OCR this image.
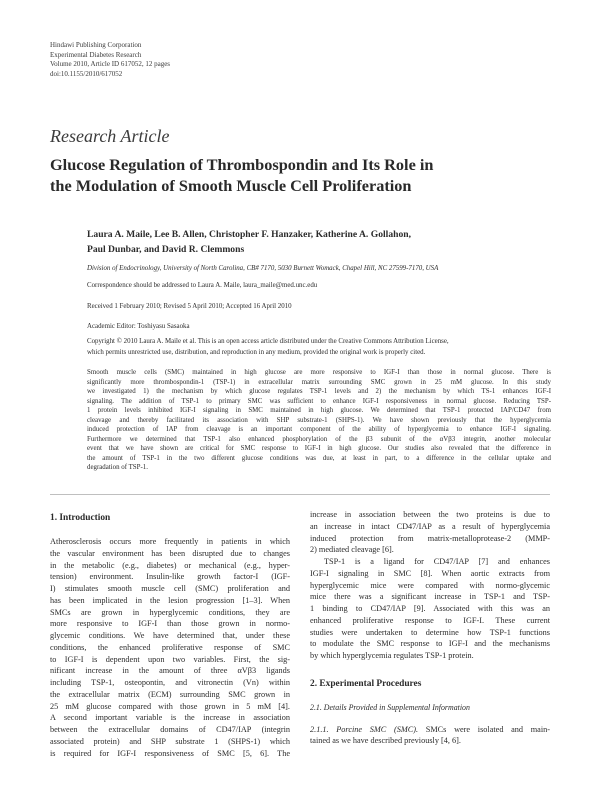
Hindawi Publishing Corporation
Experimental Diabetes Research
Volume 2010, Article ID 617052, 12 pages
doi:10.1155/2010/617052
Research Article
Glucose Regulation of Thrombospondin and Its Role in
the Modulation of Smooth Muscle Cell Proliferation
Laura A. Maile, Lee B. Allen, Christopher F. Hanzaker, Katherine A. Gollahon,
Paul Dunbar, and David R. Clemmons
Division of Endocrinology, University of North Carolina, CB# 7170, 5030 Burnett Womack, Chapel Hill, NC 27599-7170, USA
Correspondence should be addressed to Laura A. Maile, laura_maile@med.unc.edu
Received 1 February 2010; Revised 5 April 2010; Accepted 16 April 2010
Academic Editor: Toshiyasu Sasaoka
Copyright © 2010 Laura A. Maile et al. This is an open access article distributed under the Creative Commons Attribution License,
which permits unrestricted use, distribution, and reproduction in any medium, provided the original work is properly cited.
Smooth muscle cells (SMC) maintained in high glucose are more responsive to IGF-I than those in normal glucose. There is
significantly more thrombospondin-1 (TSP-1) in extracellular matrix surrounding SMC grown in 25 mM glucose. In this study
we investigated 1) the mechanism by which glucose regulates TSP-1 levels and 2) the mechanism by which TS-1 enhances IGF-I
signaling. The addition of TSP-1 to primary SMC was sufficient to enhance IGF-I responsiveness in normal glucose. Reducing TSP-
1 protein levels inhibited IGF-I signaling in SMC maintained in high glucose. We determined that TSP-1 protected IAP/CD47 from
cleavage and thereby facilitated its association with SHP substrate-1 (SHPS-1). We have shown previously that the hyperglycemia
induced protection of IAP from cleavage is an important component of the ability of hyperglycemia to enhance IGF-I signaling.
Furthermore we determined that TSP-1 also enhanced phosphorylation of the β3 subunit of the αVβ3 integrin, another molecular
event that we have shown are critical for SMC response to IGF-I in high glucose. Our studies also revealed that the difference in
the amount of TSP-1 in the two different glucose conditions was due, at least in part, to a difference in the cellular uptake and
degradation of TSP-1.
1. Introduction
Atherosclerosis occurs more frequently in patients in which
the vascular environment has been disrupted due to changes
in the metabolic (e.g., diabetes) or mechanical (e.g., hyper-
tension) environment. Insulin-like growth factor-I (IGF-
I) stimulates smooth muscle cell (SMC) proliferation and
has been implicated in the lesion progression [1–3]. When
SMCs are grown in hyperglycemic conditions, they are
more responsive to IGF-I than those grown in normo-
glycemic conditions. We have determined that, under these
conditions, the enhanced proliferative response of SMC
to IGF-I is dependent upon two variables. First, the sig-
nificant increase in the amount of three αVβ3 ligands
including TSP-1, osteopontin, and vitronectin (Vn) within
the extracellular matrix (ECM) surrounding SMC grown in
25 mM glucose compared with those grown in 5 mM [4].
A second important variable is the increase in association
between the extracellular domains of CD47/IAP (integrin
associated protein) and SHP substrate 1 (SHPS-1) which
is required for IGF-I responsiveness of SMC [5, 6]. The
increase in association between the two proteins is due to
an increase in intact CD47/IAP as a result of hyperglycemia
induced protection from matrix-metalloprotease-2 (MMP-
2) mediated cleavage [6].
TSP-1 is a ligand for CD47/IAP [7] and enhances
IGF-I signaling in SMC [8]. When aortic extracts from
hyperglycemic mice were compared with normo-glycemic
mice there was a significant increase in TSP-1 and TSP-
1 binding to CD47/IAP [9]. Associated with this was an
enhanced proliferative response to IGF-I. These current
studies were undertaken to determine how TSP-1 functions
to modulate the SMC response to IGF-I and the mechanisms
by which hyperglycemia regulates TSP-1 protein.
2. Experimental Procedures
2.1. Details Provided in Supplemental Information
2.1.1. Porcine SMC (SMC). SMCs were isolated and main-
tained as we have described previously [4, 6].
